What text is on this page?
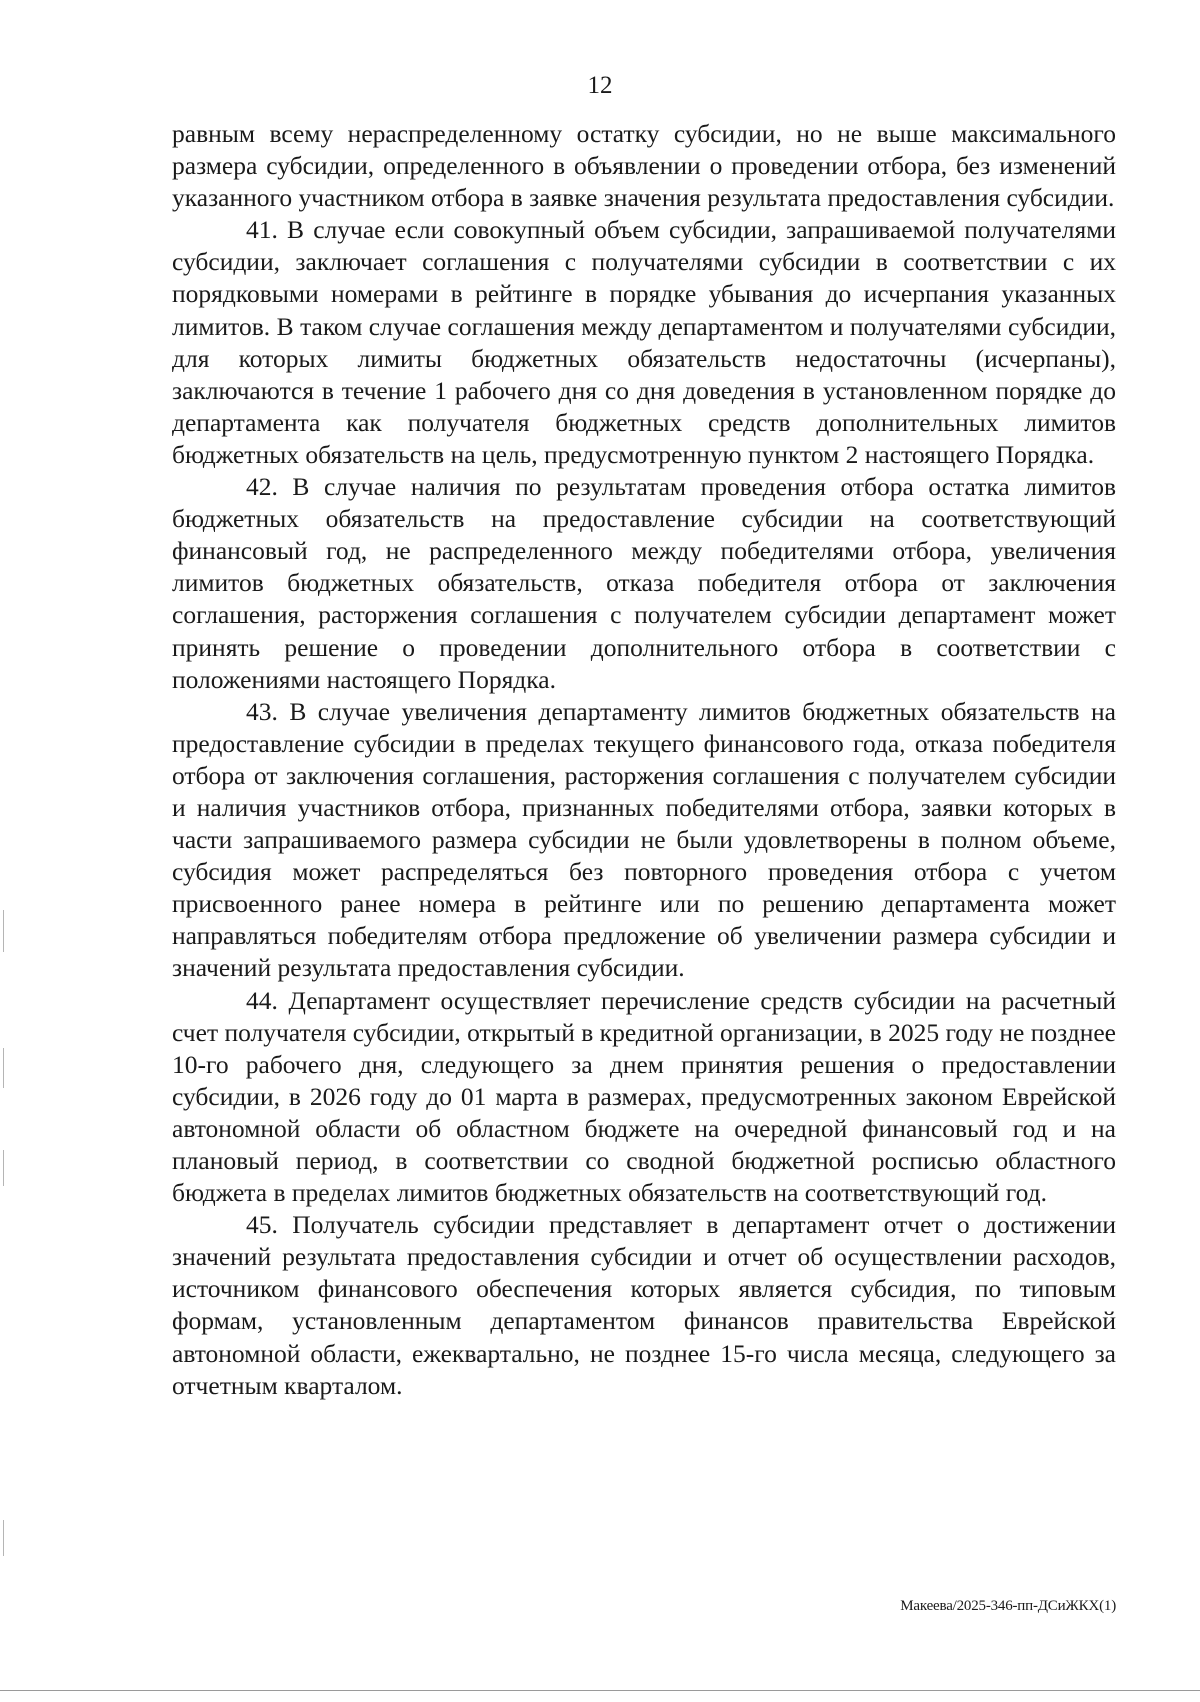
12

равным всему нераспределенному остатку субсидии, но не выше максимального размера субсидии, определенного в объявлении о проведении отбора, без изменений указанного участником отбора в заявке значения результата предоставления субсидии.

41. В случае если совокупный объем субсидии, запрашиваемой получателями субсидии, заключает соглашения с получателями субсидии в соответствии с их порядковыми номерами в рейтинге в порядке убывания до исчерпания указанных лимитов. В таком случае соглашения между департаментом и получателями субсидии, для которых лимиты бюджетных обязательств недостаточны (исчерпаны), заключаются в течение 1 рабочего дня со дня доведения в установленном порядке до департамента как получателя бюджетных средств дополнительных лимитов бюджетных обязательств на цель, предусмотренную пунктом 2 настоящего Порядка.

42. В случае наличия по результатам проведения отбора остатка лимитов бюджетных обязательств на предоставление субсидии на соответствующий финансовый год, не распределенного между победителями отбора, увеличения лимитов бюджетных обязательств, отказа победителя отбора от заключения соглашения, расторжения соглашения с получателем субсидии департамент может принять решение о проведении дополнительного отбора в соответствии с положениями настоящего Порядка.

43. В случае увеличения департаменту лимитов бюджетных обязательств на предоставление субсидии в пределах текущего финансового года, отказа победителя отбора от заключения соглашения, расторжения соглашения с получателем субсидии и наличия участников отбора, признанных победителями отбора, заявки которых в части запрашиваемого размера субсидии не были удовлетворены в полном объеме, субсидия может распределяться без повторного проведения отбора с учетом присвоенного ранее номера в рейтинге или по решению департамента может направляться победителям отбора предложение об увеличении размера субсидии и значений результата предоставления субсидии.

44. Департамент осуществляет перечисление средств субсидии на расчетный счет получателя субсидии, открытый в кредитной организации, в 2025 году не позднее 10-го рабочего дня, следующего за днем принятия решения о предоставлении субсидии, в 2026 году до 01 марта в размерах, предусмотренных законом Еврейской автономной области об областном бюджете на очередной финансовый год и на плановый период, в соответствии со сводной бюджетной росписью областного бюджета в пределах лимитов бюджетных обязательств на соответствующий год.

45. Получатель субсидии представляет в департамент отчет о достижении значений результата предоставления субсидии и отчет об осуществлении расходов, источником финансового обеспечения которых является субсидия, по типовым формам, установленным департаментом финансов правительства Еврейской автономной области, ежеквартально, не позднее 15-го числа месяца, следующего за отчетным кварталом.

Макеева/2025-346-пп-ДСиЖКХ(1)
